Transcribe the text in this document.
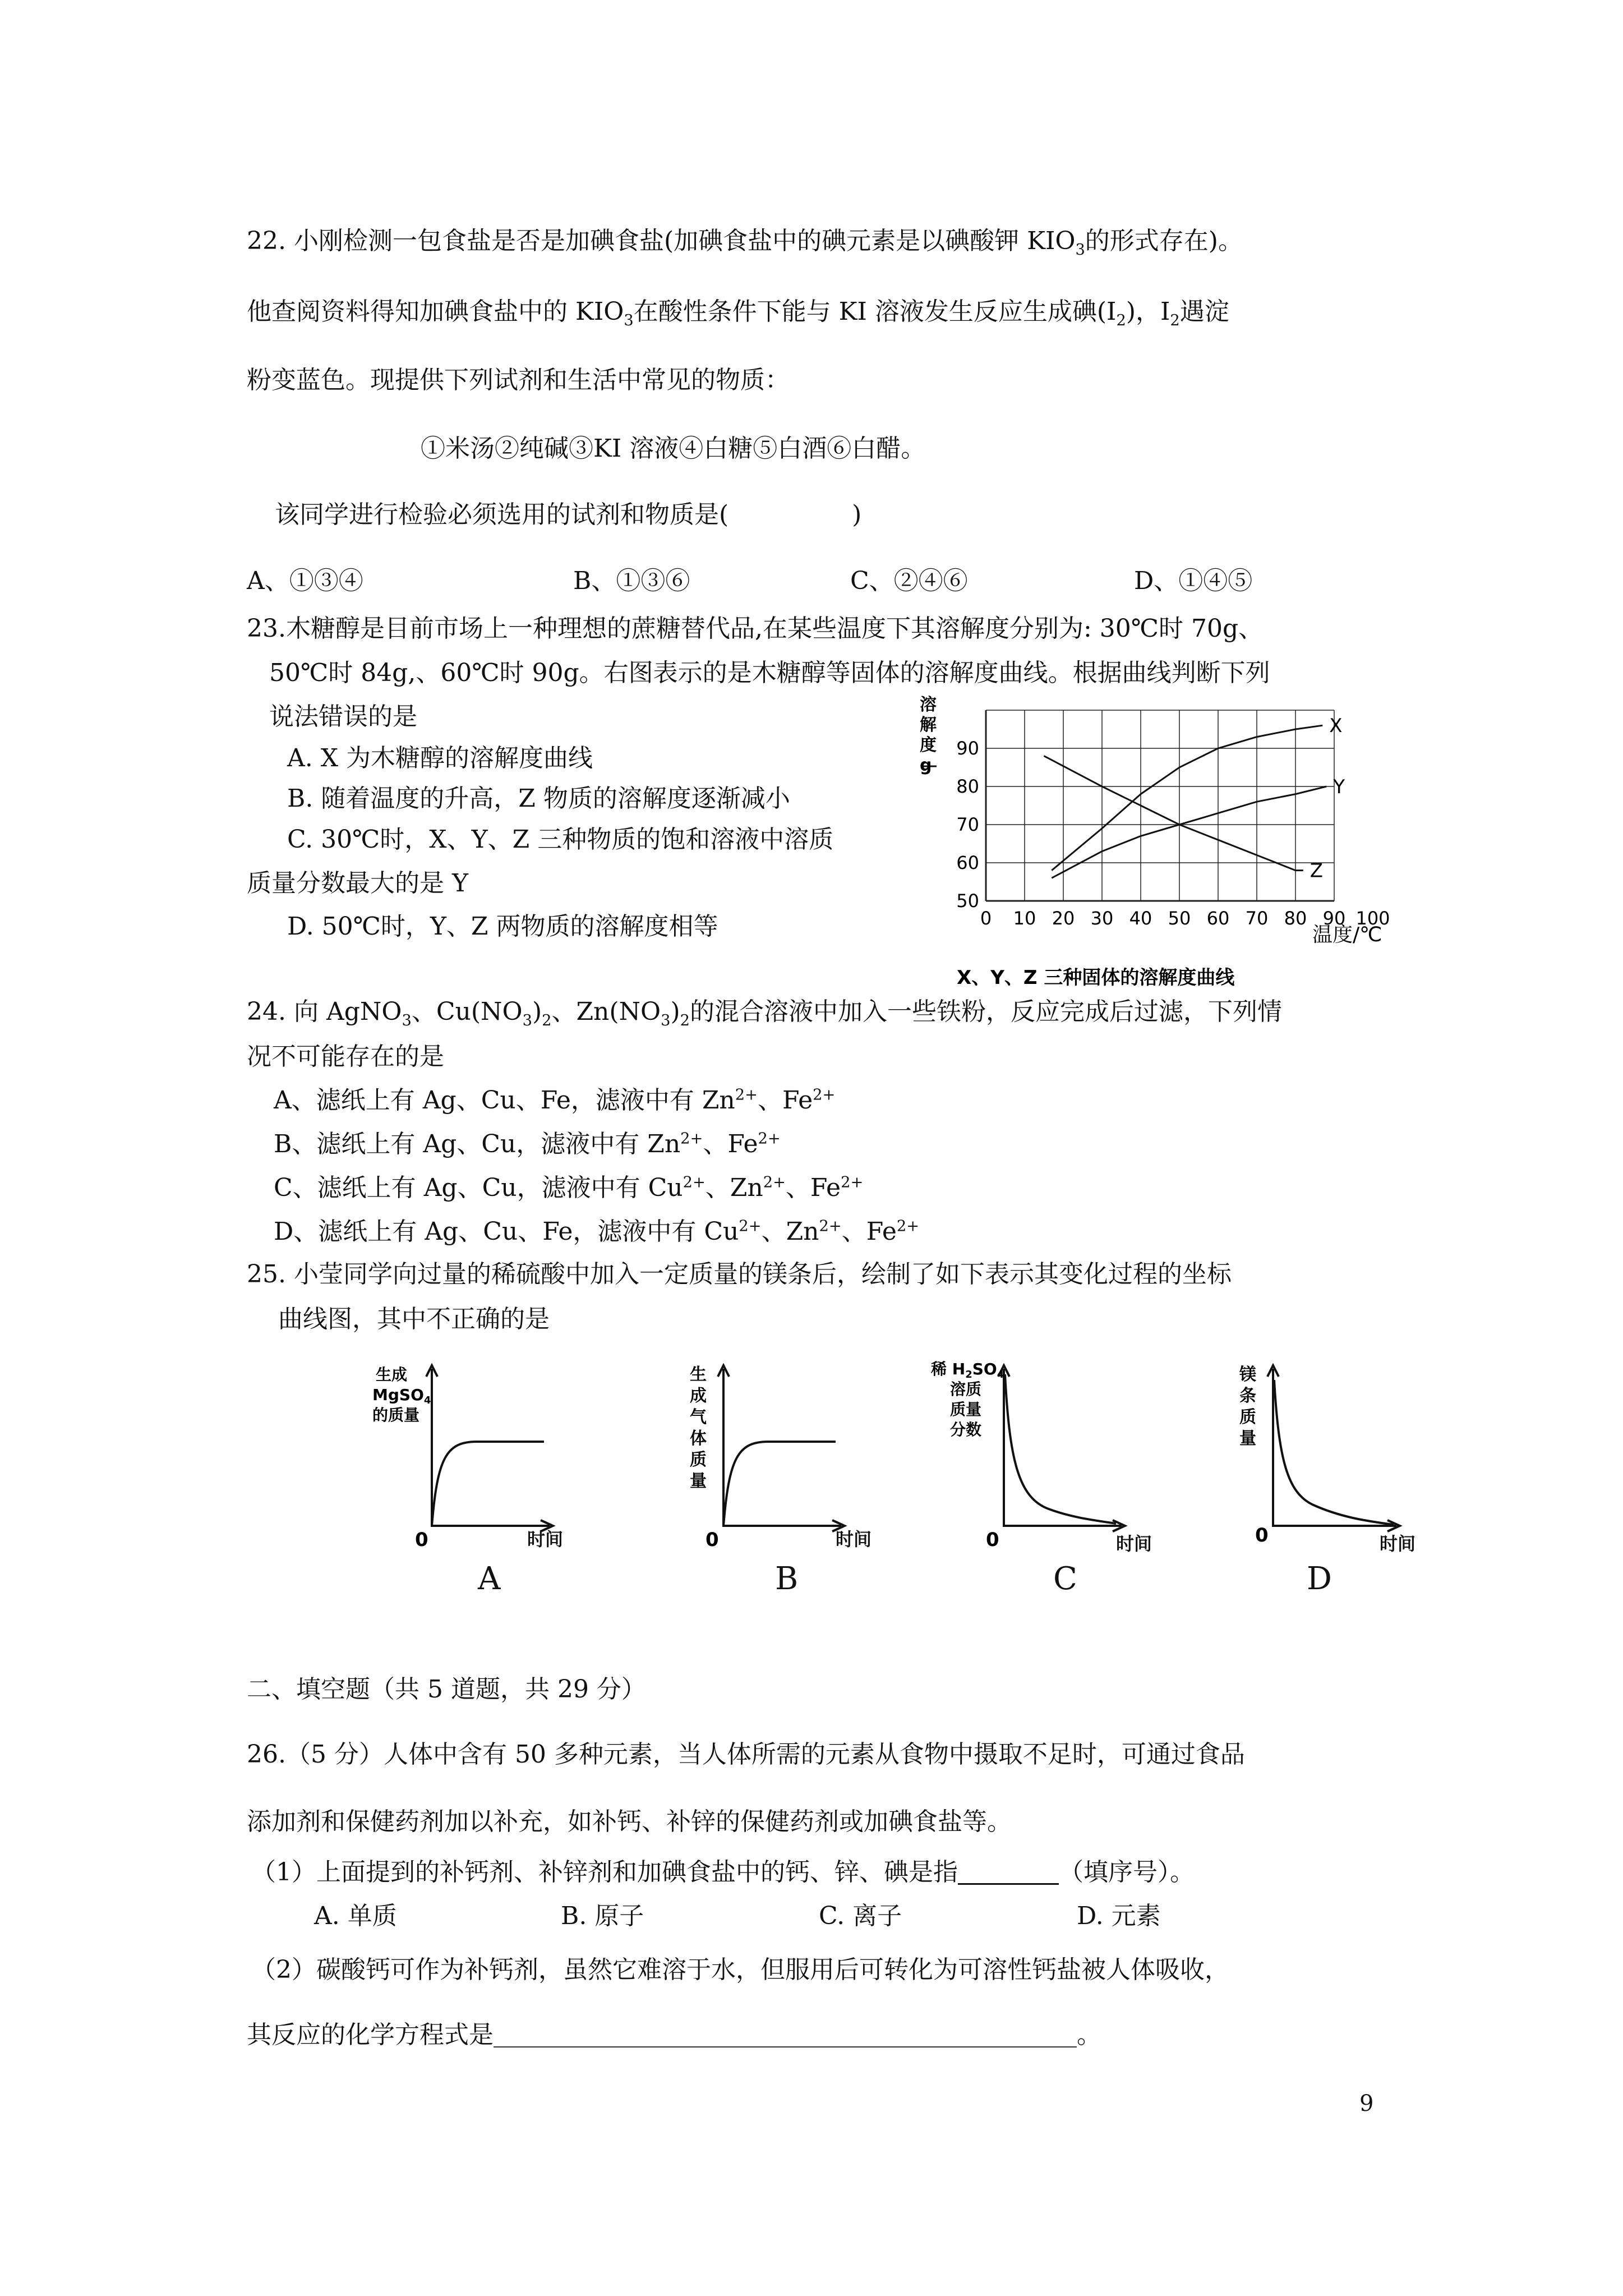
22. 小刚检测一包食盐是否是加碘食盐(加碘食盐中的碘元素是以碘酸钾 $KIO_3$的形式存在)。
他查阅资料得知加碘食盐中的 $KIO_3$在酸性条件下能与 KI 溶液发生反应生成碘$(I_2)$，$I_2$遇淀
粉变蓝色。现提供下列试剂和生活中常见的物质：
①米汤②纯碱③KI 溶液④白糖⑤白酒⑥白醋。
该同学进行检验必须选用的试剂和物质是(	)
A、①③④	B、①③⑥	C、②④⑥	D、①④⑤
23.木糖醇是目前市场上一种理想的蔗糖替代品,在某些温度下其溶解度分别为: 30℃时 70g、
50℃时 84g,、60℃时 90g。右图表示的是木糖醇等固体的溶解度曲线。根据曲线判断下列
说法错误的是
A. X 为木糖醇的溶解度曲线
B. 随着温度的升高，Z 物质的溶解度逐渐减小
C. 30℃时，X、Y、Z 三种物质的饱和溶液中溶质
质量分数最大的是 Y
D. 50℃时，Y、Z 两物质的溶解度相等	0 10 20 30 40 50 60 70 80 90 100
50
60
70
80
90
X
Y
Z
溶解度 g
温度/℃
X、Y、Z 三种固体的溶解度曲线
24. 向 AgNO$_3$、$Cu(NO_3)_2$、$Zn(NO_3)_2$的混合溶液中加入一些铁粉，反应完成后过滤，下列情
况不可能存在的是
A、滤纸上有 Ag、Cu、Fe，滤液中有 $Zn^{2+}$、$Fe^{2+}$
B、滤纸上有 Ag、Cu，滤液中有 $Zn^{2+}$、$Fe^{2+}$
C、滤纸上有 Ag、Cu，滤液中有 $Cu^{2+}$、$Zn^{2+}$、$Fe^{2+}$
D、滤纸上有 Ag、Cu、Fe，滤液中有 $Cu^{2+}$、$Zn^{2+}$、$Fe^{2+}$
25. 小莹同学向过量的稀硫酸中加入一定质量的镁条后，绘制了如下表示其变化过程的坐标
曲线图，其中不正确的是
生成
MgSO$_4$
的质量
0
A
生
成
气
体
质
量
0
B
稀 $H_2SO_4$
溶质
质量
分数
0
C
镁
条
质
量
0
D
时间	时间	时间	时间
二、填空题（共 5 道题，共 29 分）
26.（5 分）人体中含有 50 多种元素，当人体所需的元素从食物中摄取不足时，可通过食品
添加剂和保健药剂加以补充，如补钙、补锌的保健药剂或加碘食盐等。
（1）上面提到的补钙剂、补锌剂和加碘食盐中的钙、锌、碘是指	（填序号）。
A. 单质	B. 原子	C. 离子	D. 元素
（2）碳酸钙可作为补钙剂，虽然它难溶于水，但服用后可转化为可溶性钙盐被人体吸收，
其反应的化学方程式是	。
9
